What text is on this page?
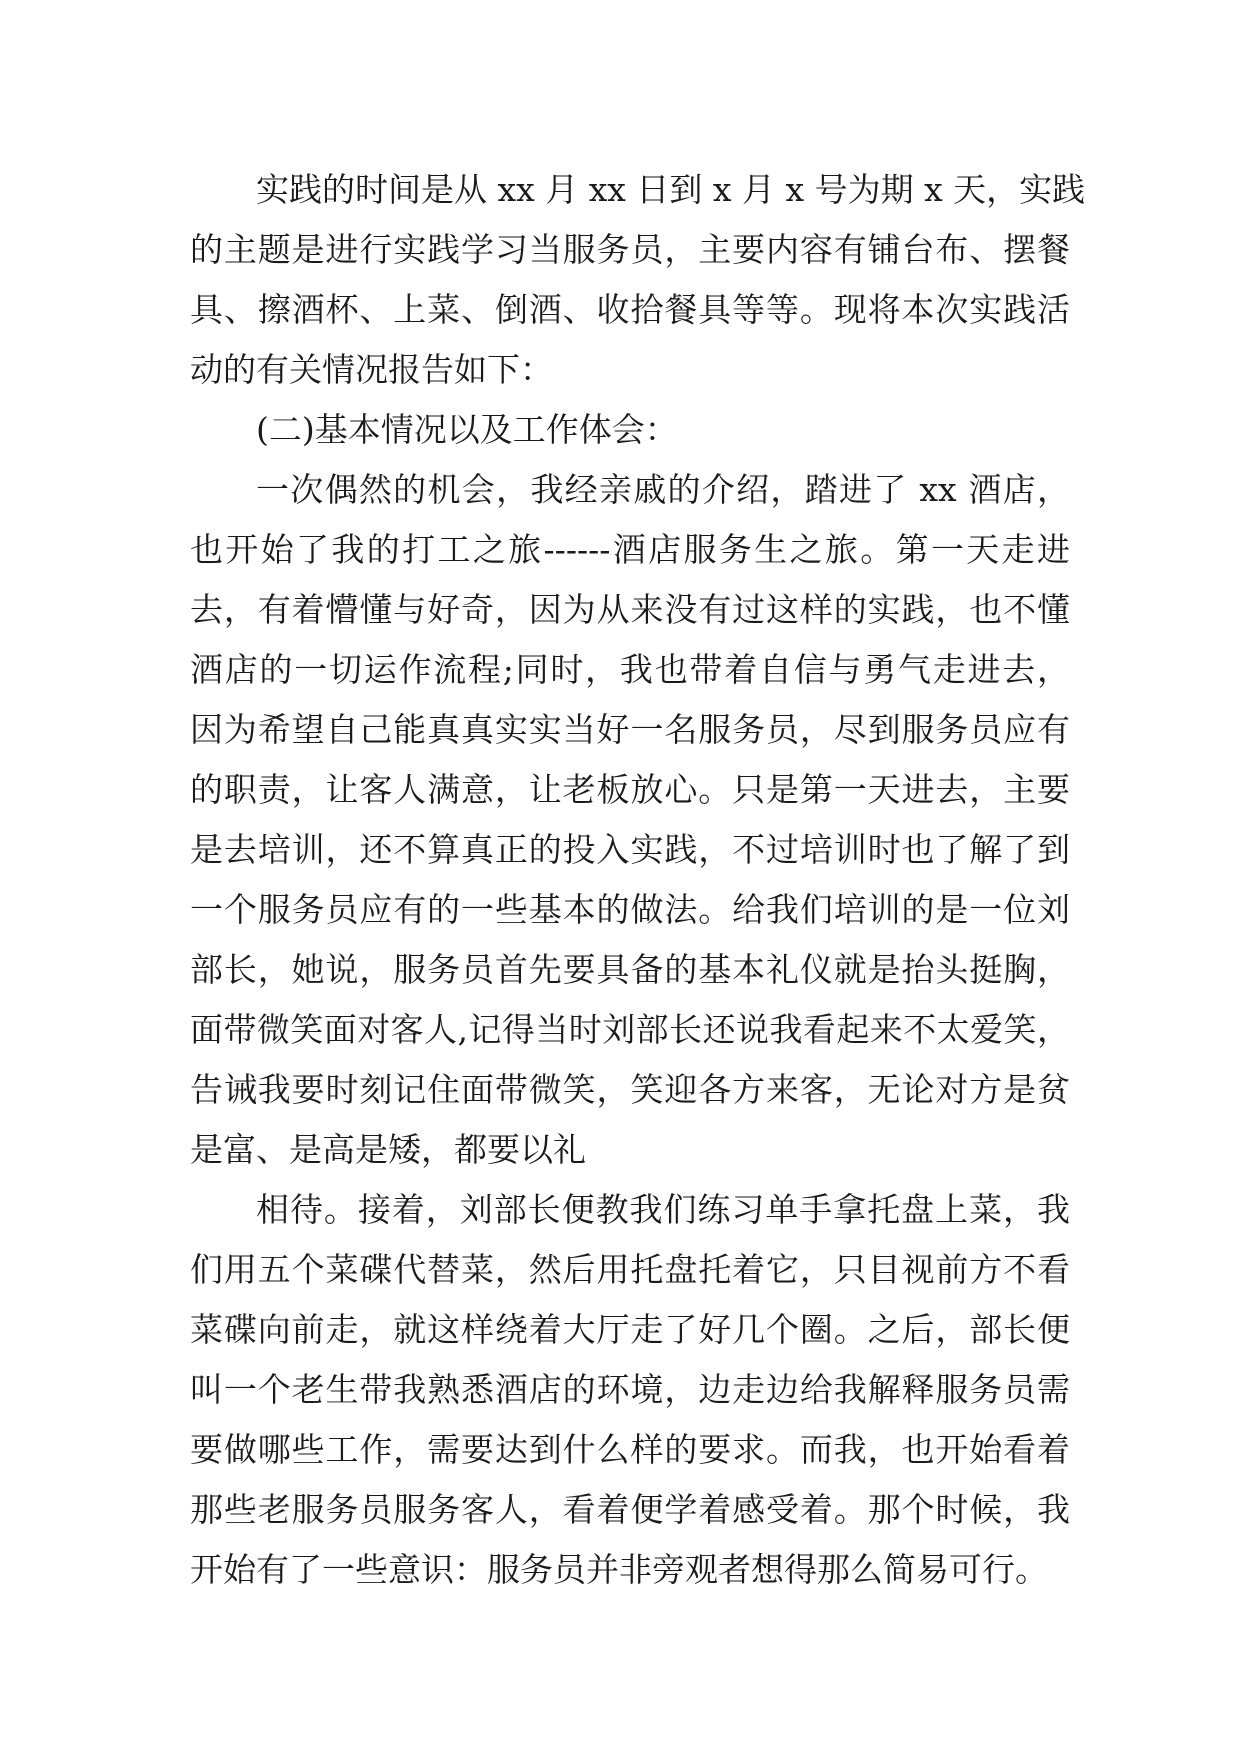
实践的时间是从 xx 月 xx 日到 x 月 x 号为期 x 天，实践
的主题是进行实践学习当服务员，主要内容有铺台布、摆餐
具、擦酒杯、上菜、倒酒、收拾餐具等等。现将本次实践活
动的有关情况报告如下：
(二)基本情况以及工作体会：
一次偶然的机会，我经亲戚的介绍，踏进了 xx 酒店，
也开始了我的打工之旅------酒店服务生之旅。第一天走进
去，有着懵懂与好奇，因为从来没有过这样的实践，也不懂
酒店的一切运作流程;同时，我也带着自信与勇气走进去，
因为希望自己能真真实实当好一名服务员，尽到服务员应有
的职责，让客人满意，让老板放心。只是第一天进去，主要
是去培训，还不算真正的投入实践，不过培训时也了解了到
一个服务员应有的一些基本的做法。给我们培训的是一位刘
部长，她说，服务员首先要具备的基本礼仪就是抬头挺胸，
面带微笑面对客人,记得当时刘部长还说我看起来不太爱笑，
告诫我要时刻记住面带微笑，笑迎各方来客，无论对方是贫
是富、是高是矮，都要以礼
相待。接着，刘部长便教我们练习单手拿托盘上菜，我
们用五个菜碟代替菜，然后用托盘托着它，只目视前方不看
菜碟向前走，就这样绕着大厅走了好几个圈。之后，部长便
叫一个老生带我熟悉酒店的环境，边走边给我解释服务员需
要做哪些工作，需要达到什么样的要求。而我，也开始看着
那些老服务员服务客人，看着便学着感受着。那个时候，我
开始有了一些意识：服务员并非旁观者想得那么简易可行。
